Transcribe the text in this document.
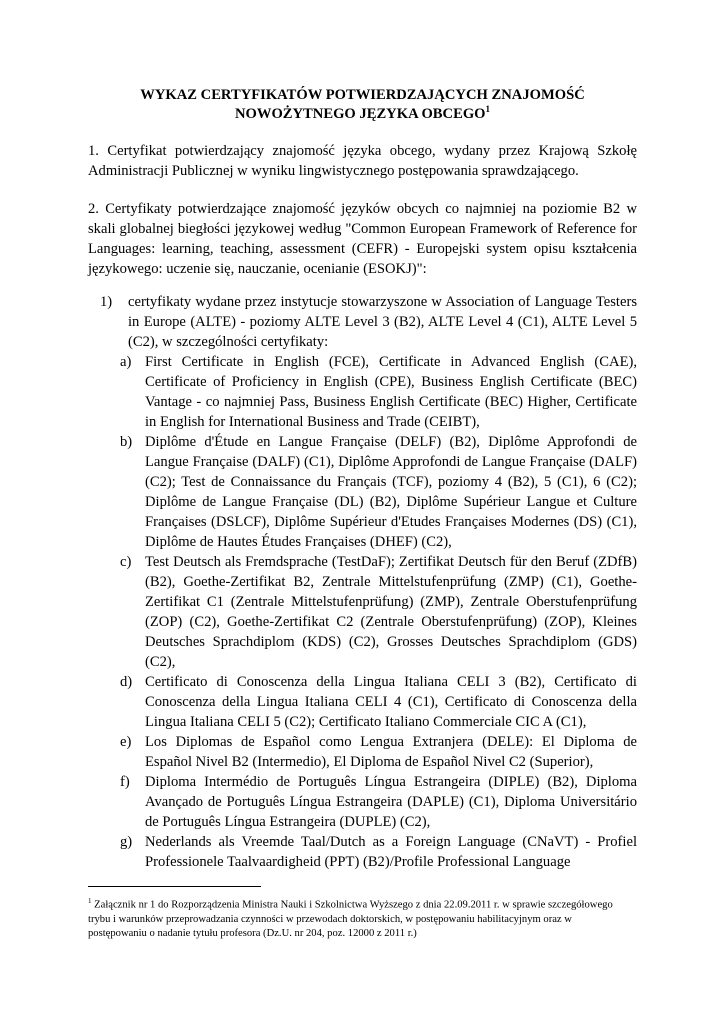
WYKAZ CERTYFIKATÓW POTWIERDZAJĄCYCH ZNAJOMOŚĆ
NOWOŻYTNEGO JĘZYKA OBCEGO$^1$
1. Certyfikat potwierdzający znajomość języka obcego, wydany przez Krajową Szkołę Administracji Publicznej w wyniku lingwistycznego postępowania sprawdzającego.
2. Certyfikaty potwierdzające znajomość języków obcych co najmniej na poziomie B2 w skali globalnej biegłości językowej według "Common European Framework of Reference for Languages: learning, teaching, assessment (CEFR) - Europejski system opisu kształcenia językowego: uczenie się, nauczanie, ocenianie (ESOKJ)":
1) certyfikaty wydane przez instytucje stowarzyszone w Association of Language Testers in Europe (ALTE) - poziomy ALTE Level 3 (B2), ALTE Level 4 (C1), ALTE Level 5 (C2), w szczególności certyfikaty:
a) First Certificate in English (FCE), Certificate in Advanced English (CAE), Certificate of Proficiency in English (CPE), Business English Certificate (BEC) Vantage - co najmniej Pass, Business English Certificate (BEC) Higher, Certificate in English for International Business and Trade (CEIBT),
b) Diplôme d'Étude en Langue Française (DELF) (B2), Diplôme Approfondi de Langue Française (DALF) (C1), Diplôme Approfondi de Langue Française (DALF) (C2); Test de Connaissance du Français (TCF), poziomy 4 (B2), 5 (C1), 6 (C2); Diplôme de Langue Française (DL) (B2), Diplôme Supérieur Langue et Culture Françaises (DSLCF), Diplôme Supérieur d'Etudes Françaises Modernes (DS) (C1), Diplôme de Hautes Études Françaises (DHEF) (C2),
c) Test Deutsch als Fremdsprache (TestDaF); Zertifikat Deutsch für den Beruf (ZDfB) (B2), Goethe-Zertifikat B2, Zentrale Mittelstufenprüfung (ZMP) (C1), Goethe-Zertifikat C1 (Zentrale Mittelstufenprüfung) (ZMP), Zentrale Oberstufenprüfung (ZOP) (C2), Goethe-Zertifikat C2 (Zentrale Oberstufenprüfung) (ZOP), Kleines Deutsches Sprachdiplom (KDS) (C2), Grosses Deutsches Sprachdiplom (GDS) (C2),
d) Certificato di Conoscenza della Lingua Italiana CELI 3 (B2), Certificato di Conoscenza della Lingua Italiana CELI 4 (C1), Certificato di Conoscenza della Lingua Italiana CELI 5 (C2); Certificato Italiano Commerciale CIC A (C1),
e) Los Diplomas de Español como Lengua Extranjera (DELE): El Diploma de Español Nivel B2 (Intermedio), El Diploma de Español Nivel C2 (Superior),
f) Diploma Intermédio de Português Língua Estrangeira (DIPLE) (B2), Diploma Avançado de Português Língua Estrangeira (DAPLE) (C1), Diploma Universitário de Português Língua Estrangeira (DUPLE) (C2),
g) Nederlands als Vreemde Taal/Dutch as a Foreign Language (CNaVT) - Profiel Professionele Taalvaardigheid (PPT) (B2)/Profile Professional Language
$^1$ Załącznik nr 1 do Rozporządzenia Ministra Nauki i Szkolnictwa Wyższego z dnia 22.09.2011 r. w sprawie szczegółowego trybu i warunków przeprowadzania czynności w przewodach doktorskich, w postępowaniu habilitacyjnym oraz w postępowaniu o nadanie tytułu profesora (Dz.U. nr 204, poz. 12000 z 2011 r.)
